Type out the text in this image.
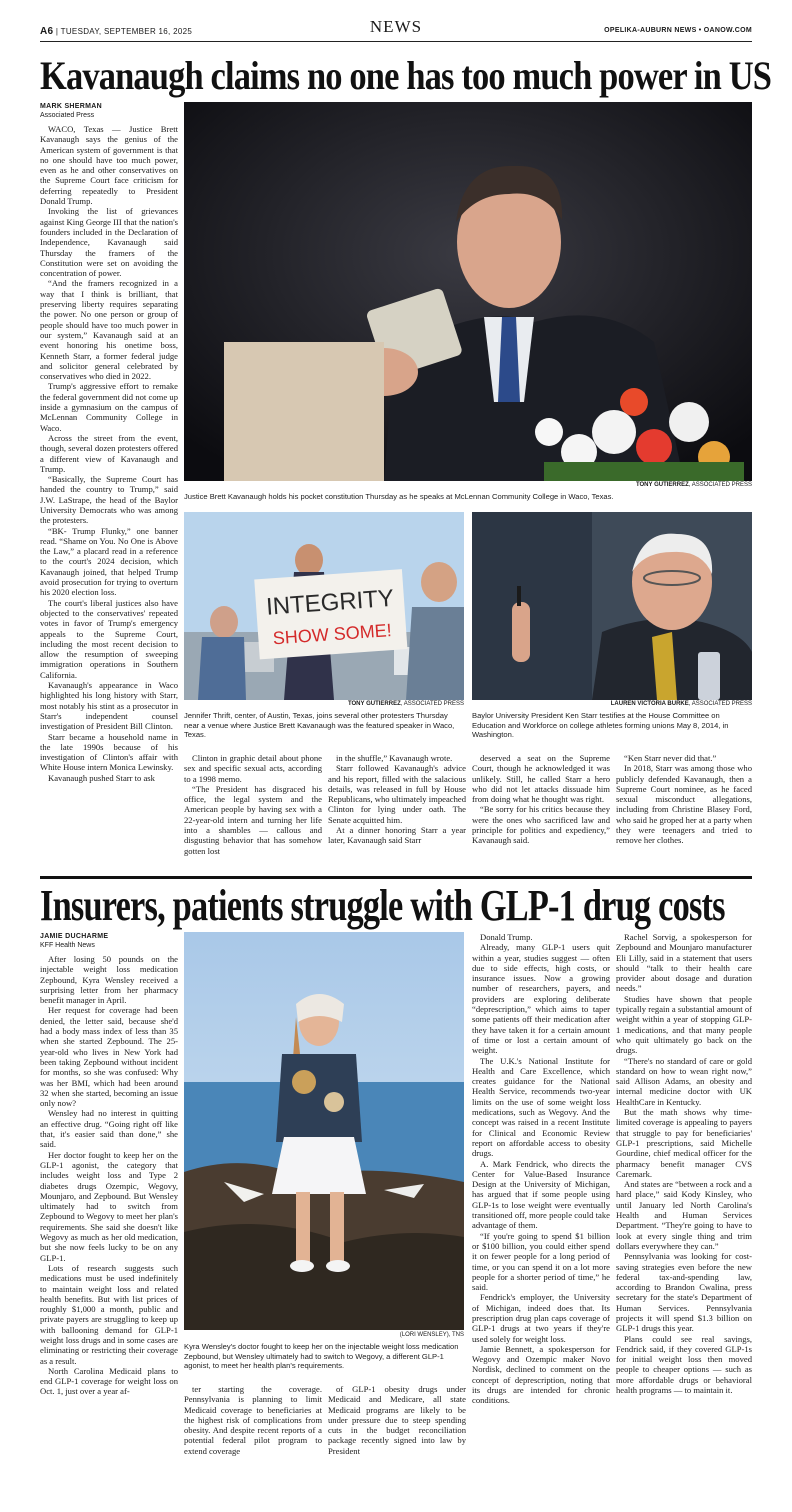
A6 | TUESDAY, SEPTEMBER 16, 2025	NEWS	OPELIKA-AUBURN NEWS • OANOW.COM
Kavanaugh claims no one has too much power in US
MARK SHERMAN
Associated Press

WACO, Texas — Justice Brett Kavanaugh says the genius of the American system of government is that no one should have too much power, even as he and other conservatives on the Supreme Court face criticism for deferring repeatedly to President Donald Trump.

Invoking the list of grievances against King George III that the nation's founders included in the Declaration of Independence, Kavanaugh said Thursday the framers of the Constitution were set on avoiding the concentration of power.

“And the framers recognized in a way that I think is brilliant, that preserving liberty requires separating the power. No one person or group of people should have too much power in our system,” Kavanaugh said at an event honoring his onetime boss, Kenneth Starr, a former federal judge and solicitor general celebrated by conservatives who died in 2022.

Trump's aggressive effort to remake the federal government did not come up inside a gymnasium on the campus of McLennan Community College in Waco.

Across the street from the event, though, several dozen protesters offered a different view of Kavanaugh and Trump.

“Basically, the Supreme Court has handed the country to Trump,” said J.W. LaStrape, the head of the Baylor University Democrats who was among the protesters.

“BK- Trump Flunky,” one banner read. “Shame on You. No One is Above the Law,” a placard read in a reference to the court's 2024 decision, which Kavanaugh joined, that helped Trump avoid prosecution for trying to overturn his 2020 election loss.

The court's liberal justices also have objected to the conservatives' repeated votes in favor of Trump's emergency appeals to the Supreme Court, including the most recent decision to allow the resumption of sweeping immigration operations in Southern California.

Kavanaugh's appearance in Waco highlighted his long history with Starr, most notably his stint as a prosecutor in Starr's independent counsel investigation of President Bill Clinton.

Starr became a household name in the late 1990s because of his investigation of Clinton's affair with White House intern Monica Lewinsky.

Kavanaugh pushed Starr to ask

TONY GUTIERREZ, ASSOCIATED PRESS
Justice Brett Kavanaugh holds his pocket constitution Thursday as he speaks at McLennan Community College in Waco, Texas.
INTEGRITY
SHOW SOME!
TONY GUTIERREZ, ASSOCIATED PRESS
Jennifer Thrift, center, of Austin, Texas, joins several other protesters Thursday near a venue where Justice Brett Kavanaugh was the featured speaker in Waco, Texas.
LAUREN VICTORIA BURKE, ASSOCIATED PRESS
Baylor University President Ken Starr testifies at the House Committee on Education and Workforce on college athletes forming unions May 8, 2014, in Washington.

Clinton in graphic detail about phone sex and specific sexual acts, according to a 1998 memo.

“The President has disgraced his office, the legal system and the American people by having sex with a 22-year-old intern and turning her life into a shambles — callous and disgusting behavior that has somehow gotten lost

in the shuffle,” Kavanaugh wrote.

Starr followed Kavanaugh's advice and his report, filled with the salacious details, was released in full by House Republicans, who ultimately impeached Clinton for lying under oath. The Senate acquitted him.

At a dinner honoring Starr a year later, Kavanaugh said Starr

deserved a seat on the Supreme Court, though he acknowledged it was unlikely. Still, he called Starr a hero who did not let attacks dissuade him from doing what he thought was right.

“Be sorry for his critics because they were the ones who sacrificed law and principle for politics and expediency,” Kavanaugh said.

“Ken Starr never did that.”

In 2018, Starr was among those who publicly defended Kavanaugh, then a Supreme Court nominee, as he faced sexual misconduct allegations, including from Christine Blasey Ford, who said he groped her at a party when they were teenagers and tried to remove her clothes.

Insurers, patients struggle with GLP-1 drug costs
JAMIE DUCHARME
KFF Health News

After losing 50 pounds on the injectable weight loss medication Zepbound, Kyra Wensley received a surprising letter from her pharmacy benefit manager in April.

Her request for coverage had been denied, the letter said, because she'd had a body mass index of less than 35 when she started Zepbound. The 25-year-old who lives in New York had been taking Zepbound without incident for months, so she was confused: Why was her BMI, which had been around 32 when she started, becoming an issue only now?

Wensley had no interest in quitting an effective drug. “Going right off like that, it's easier said than done,” she said.

Her doctor fought to keep her on the GLP-1 agonist, the category that includes weight loss and Type 2 diabetes drugs Ozempic, Wegovy, Mounjaro, and Zepbound. But Wensley ultimately had to switch from Zepbound to Wegovy to meet her plan's requirements. She said she doesn't like Wegovy as much as her old medication, but she now feels lucky to be on any GLP-1.

Lots of research suggests such medications must be used indefinitely to maintain weight loss and related health benefits. But with list prices of roughly $1,000 a month, public and private payers are struggling to keep up with ballooning demand for GLP-1 weight loss drugs and in some cases are eliminating or restricting their coverage as a result.

North Carolina Medicaid plans to end GLP-1 coverage for weight loss on Oct. 1, just over a year af-

(LORI WENSLEY), TNS
Kyra Wensley's doctor fought to keep her on the injectable weight loss medication Zepbound, but Wensley ultimately had to switch to Wegovy, a different GLP-1 agonist, to meet her health plan's requirements.

ter starting the coverage. Pennsylvania is planning to limit Medicaid coverage to beneficiaries at the highest risk of complications from obesity. And despite recent reports of a potential federal pilot program to extend coverage

of GLP-1 obesity drugs under Medicaid and Medicare, all state Medicaid programs are likely to be under pressure due to steep spending cuts in the budget reconciliation package recently signed into law by President

Donald Trump.

Already, many GLP-1 users quit within a year, studies suggest — often due to side effects, high costs, or insurance issues. Now a growing number of researchers, payers, and providers are exploring deliberate “deprescription,” which aims to taper some patients off their medication after they have taken it for a certain amount of time or lost a certain amount of weight.

The U.K.'s National Institute for Health and Care Excellence, which creates guidance for the National Health Service, recommends two-year limits on the use of some weight loss medications, such as Wegovy. And the concept was raised in a recent Institute for Clinical and Economic Review report on affordable access to obesity drugs.

A. Mark Fendrick, who directs the Center for Value-Based Insurance Design at the University of Michigan, has argued that if some people using GLP-1s to lose weight were eventually transitioned off, more people could take advantage of them.

“If you're going to spend $1 billion or $100 billion, you could either spend it on fewer people for a long period of time, or you can spend it on a lot more people for a shorter period of time,” he said.

Fendrick's employer, the University of Michigan, indeed does that. Its prescription drug plan caps coverage of GLP-1 drugs at two years if they're used solely for weight loss.

Jamie Bennett, a spokesperson for Wegovy and Ozempic maker Novo Nordisk, declined to comment on the concept of deprescription, noting that its drugs are intended for chronic conditions.

Rachel Sorvig, a spokesperson for Zepbound and Mounjaro manufacturer Eli Lilly, said in a statement that users should “talk to their health care provider about dosage and duration needs.”

Studies have shown that people typically regain a substantial amount of weight within a year of stopping GLP-1 medications, and that many people who quit ultimately go back on the drugs.

“There's no standard of care or gold standard on how to wean right now,” said Allison Adams, an obesity and internal medicine doctor with UK HealthCare in Kentucky.

But the math shows why time-limited coverage is appealing to payers that struggle to pay for beneficiaries' GLP-1 prescriptions, said Michelle Gourdine, chief medical officer for the pharmacy benefit manager CVS Caremark.

And states are “between a rock and a hard place,” said Kody Kinsley, who until January led North Carolina's Health and Human Services Department. “They're going to have to look at every single thing and trim dollars everywhere they can.”

Pennsylvania was looking for cost-saving strategies even before the new federal tax-and-spending law, according to Brandon Cwalina, press secretary for the state's Department of Human Services. Pennsylvania projects it will spend $1.3 billion on GLP-1 drugs this year.

Plans could see real savings, Fendrick said, if they covered GLP-1s for initial weight loss then moved people to cheaper options — such as more affordable drugs or behavioral health programs — to maintain it.
